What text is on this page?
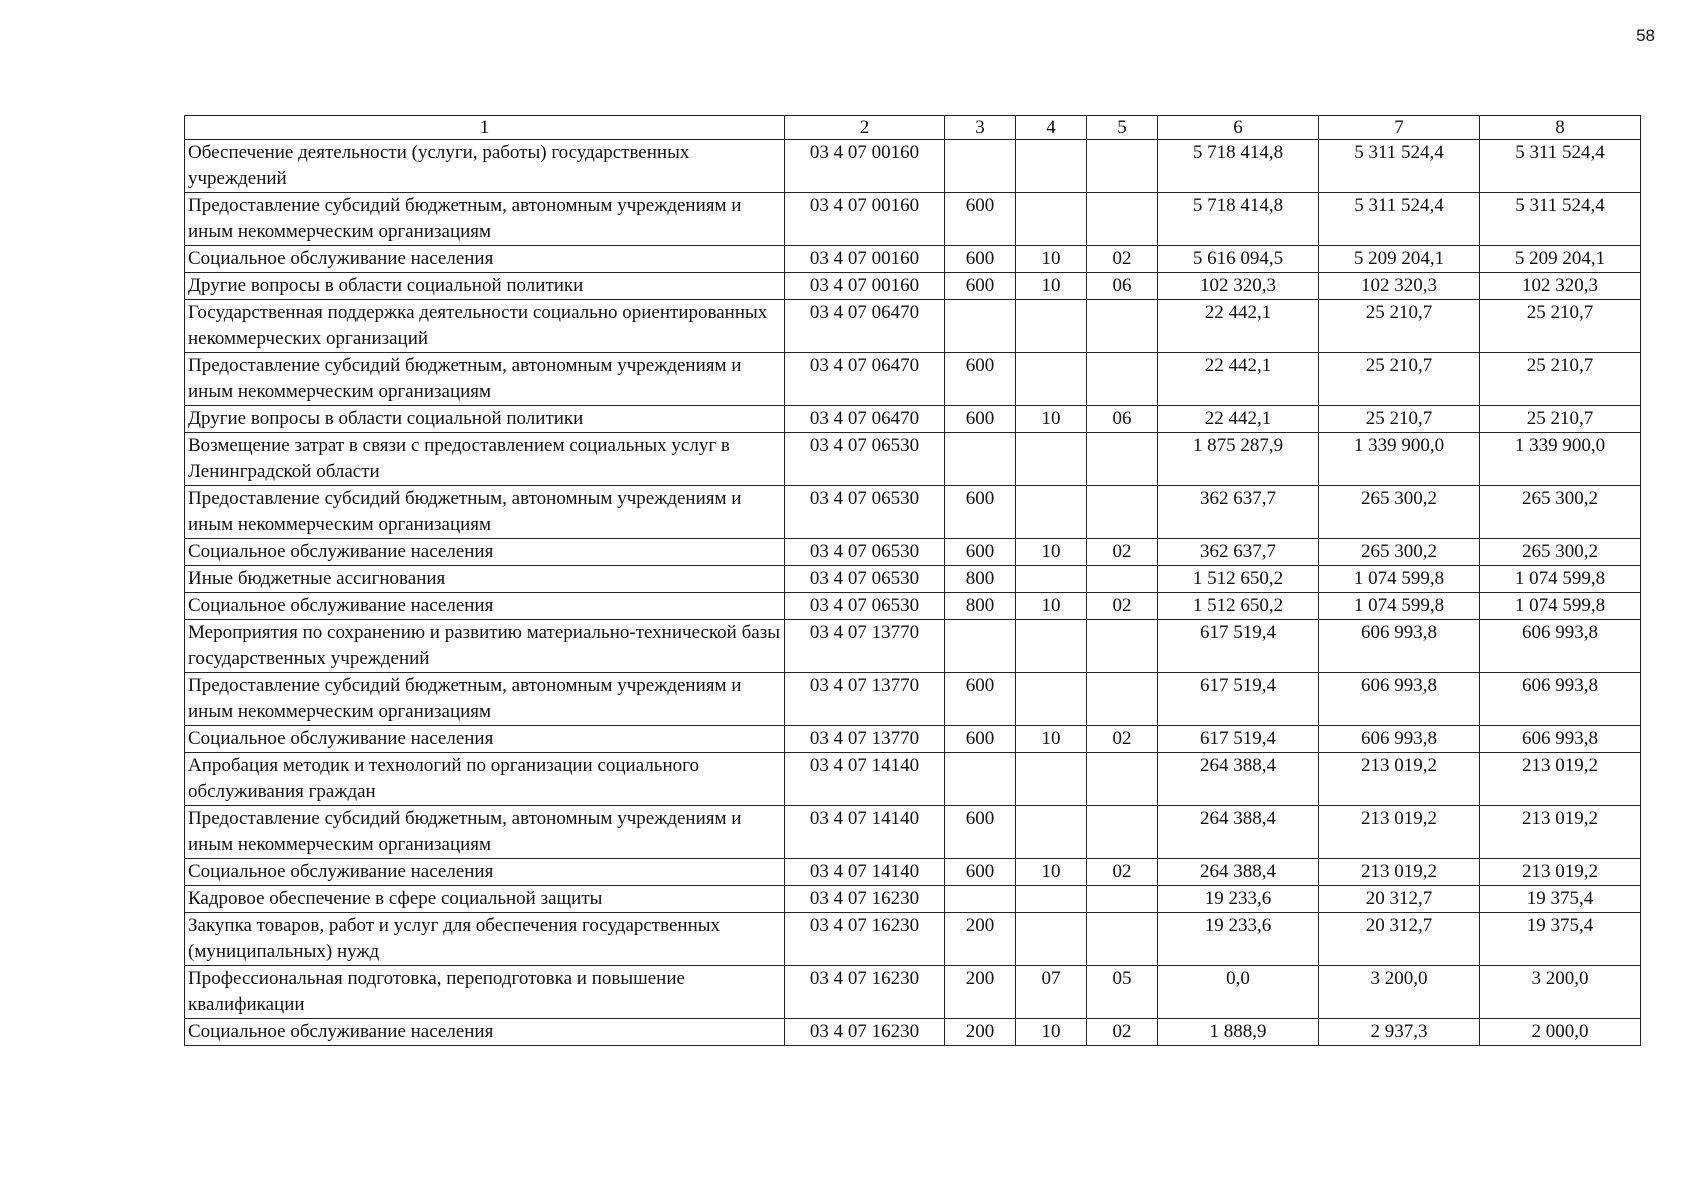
58
1	2	3	4	5	6	7	8
Обеспечение деятельности (услуги, работы) государственных учреждений	03 4 07 00160				5 718 414,8	5 311 524,4	5 311 524,4
Предоставление субсидий бюджетным, автономным учреждениям и иным некоммерческим организациям	03 4 07 00160	600			5 718 414,8	5 311 524,4	5 311 524,4
Социальное обслуживание населения	03 4 07 00160	600	10	02	5 616 094,5	5 209 204,1	5 209 204,1
Другие вопросы в области социальной политики	03 4 07 00160	600	10	06	102 320,3	102 320,3	102 320,3
Государственная поддержка деятельности социально ориентированных некоммерческих организаций	03 4 07 06470				22 442,1	25 210,7	25 210,7
Предоставление субсидий бюджетным, автономным учреждениям и иным некоммерческим организациям	03 4 07 06470	600			22 442,1	25 210,7	25 210,7
Другие вопросы в области социальной политики	03 4 07 06470	600	10	06	22 442,1	25 210,7	25 210,7
Возмещение затрат в связи с предоставлением социальных услуг в Ленинградской области	03 4 07 06530				1 875 287,9	1 339 900,0	1 339 900,0
Предоставление субсидий бюджетным, автономным учреждениям и иным некоммерческим организациям	03 4 07 06530	600			362 637,7	265 300,2	265 300,2
Социальное обслуживание населения	03 4 07 06530	600	10	02	362 637,7	265 300,2	265 300,2
Иные бюджетные ассигнования	03 4 07 06530	800			1 512 650,2	1 074 599,8	1 074 599,8
Социальное обслуживание населения	03 4 07 06530	800	10	02	1 512 650,2	1 074 599,8	1 074 599,8
Мероприятия по сохранению и развитию материально-технической базы государственных учреждений	03 4 07 13770				617 519,4	606 993,8	606 993,8
Предоставление субсидий бюджетным, автономным учреждениям и иным некоммерческим организациям	03 4 07 13770	600			617 519,4	606 993,8	606 993,8
Социальное обслуживание населения	03 4 07 13770	600	10	02	617 519,4	606 993,8	606 993,8
Апробация методик и технологий по организации социального обслуживания граждан	03 4 07 14140				264 388,4	213 019,2	213 019,2
Предоставление субсидий бюджетным, автономным учреждениям и иным некоммерческим организациям	03 4 07 14140	600			264 388,4	213 019,2	213 019,2
Социальное обслуживание населения	03 4 07 14140	600	10	02	264 388,4	213 019,2	213 019,2
Кадровое обеспечение в сфере социальной защиты	03 4 07 16230				19 233,6	20 312,7	19 375,4
Закупка товаров, работ и услуг для обеспечения государственных (муниципальных) нужд	03 4 07 16230	200			19 233,6	20 312,7	19 375,4
Профессиональная подготовка, переподготовка и повышение квалификации	03 4 07 16230	200	07	05	0,0	3 200,0	3 200,0
Социальное обслуживание населения	03 4 07 16230	200	10	02	1 888,9	2 937,3	2 000,0
